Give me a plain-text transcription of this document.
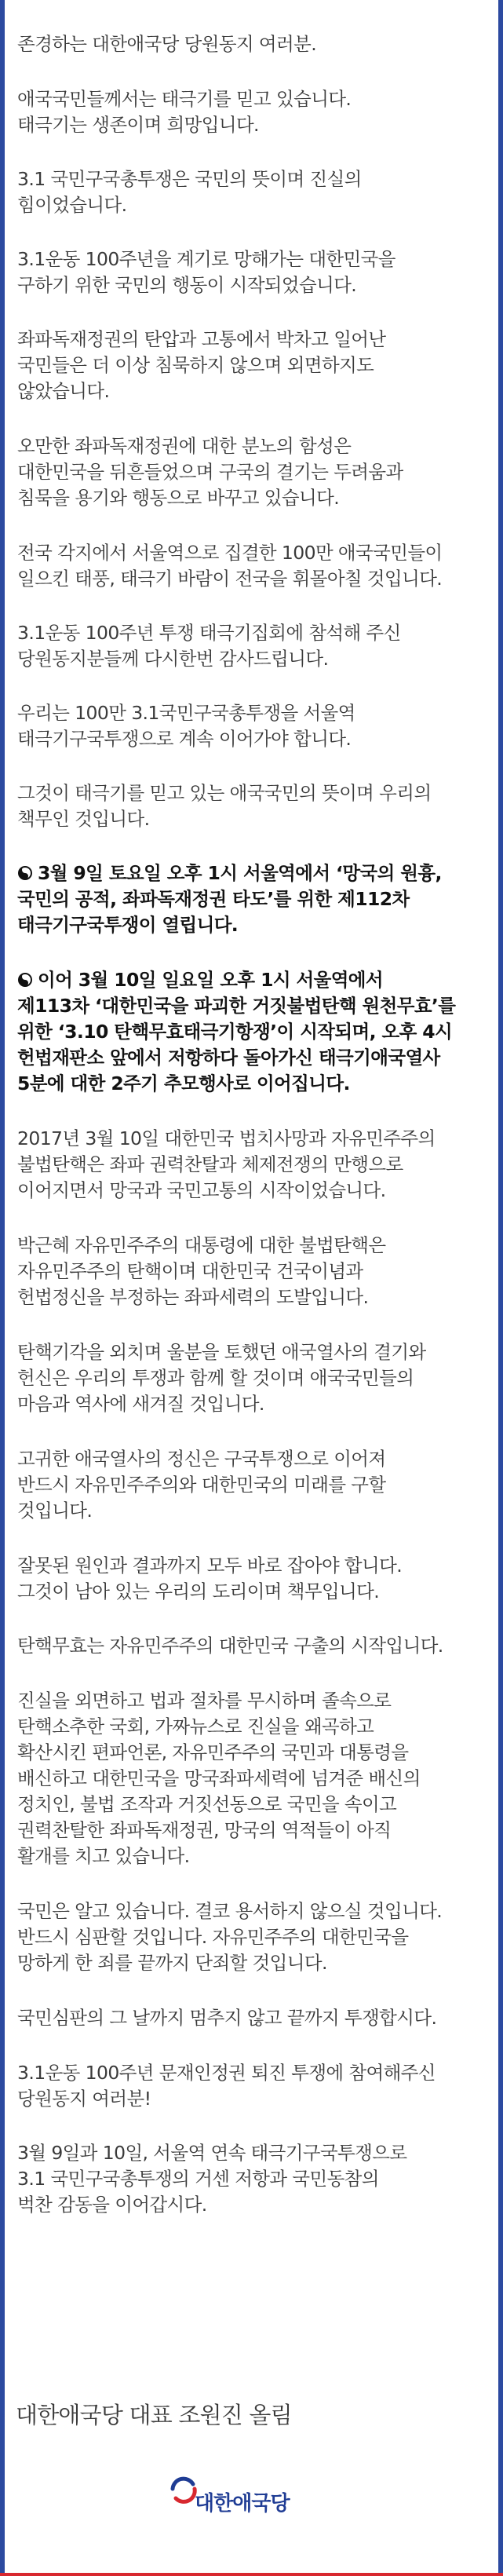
존경하는 대한애국당 당원동지 여러분.
애국국민들께서는 태극기를 믿고 있습니다.
태극기는 생존이며 희망입니다.
3.1 국민구국총투쟁은 국민의 뜻이며 진실의
힘이었습니다.
3.1운동 100주년을 계기로 망해가는 대한민국을
구하기 위한 국민의 행동이 시작되었습니다.
좌파독재정권의 탄압과 고통에서 박차고 일어난
국민들은 더 이상 침묵하지 않으며 외면하지도
않았습니다.
오만한 좌파독재정권에 대한 분노의 함성은
대한민국을 뒤흔들었으며 구국의 결기는 두려움과
침묵을 용기와 행동으로 바꾸고 있습니다.
전국 각지에서 서울역으로 집결한 100만 애국국민들이
일으킨 태풍, 태극기 바람이 전국을 휘몰아칠 것입니다.
3.1운동 100주년 투쟁 태극기집회에 참석해 주신
당원동지분들께 다시한번 감사드립니다.
우리는 100만 3.1국민구국총투쟁을 서울역
태극기구국투쟁으로 계속 이어가야 합니다.
그것이 태극기를 믿고 있는 애국국민의 뜻이며 우리의
책무인 것입니다.
3월 9일 토요일 오후 1시 서울역에서 ‘망국의 원흉,
국민의 공적, 좌파독재정권 타도’를 위한 제112차
태극기구국투쟁이 열립니다.
이어 3월 10일 일요일 오후 1시 서울역에서
제113차 ‘대한민국을 파괴한 거짓불법탄핵 원천무효’를
위한 ‘3.10 탄핵무효태극기항쟁’이 시작되며, 오후 4시
헌법재판소 앞에서 저항하다 돌아가신 태극기애국열사
5분에 대한 2주기 추모행사로 이어집니다.
2017년 3월 10일 대한민국 법치사망과 자유민주주의
불법탄핵은 좌파 권력찬탈과 체제전쟁의 만행으로
이어지면서 망국과 국민고통의 시작이었습니다.
박근혜 자유민주주의 대통령에 대한 불법탄핵은
자유민주주의 탄핵이며 대한민국 건국이념과
헌법정신을 부정하는 좌파세력의 도발입니다.
탄핵기각을 외치며 울분을 토했던 애국열사의 결기와
헌신은 우리의 투쟁과 함께 할 것이며 애국국민들의
마음과 역사에 새겨질 것입니다.
고귀한 애국열사의 정신은 구국투쟁으로 이어져
반드시 자유민주주의와 대한민국의 미래를 구할
것입니다.
잘못된 원인과 결과까지 모두 바로 잡아야 합니다.
그것이 남아 있는 우리의 도리이며 책무입니다.
탄핵무효는 자유민주주의 대한민국 구출의 시작입니다.
진실을 외면하고 법과 절차를 무시하며 졸속으로
탄핵소추한 국회, 가짜뉴스로 진실을 왜곡하고
확산시킨 편파언론, 자유민주주의 국민과 대통령을
배신하고 대한민국을 망국좌파세력에 넘겨준 배신의
정치인, 불법 조작과 거짓선동으로 국민을 속이고
권력찬탈한 좌파독재정권, 망국의 역적들이 아직
활개를 치고 있습니다.
국민은 알고 있습니다. 결코 용서하지 않으실 것입니다.
반드시 심판할 것입니다. 자유민주주의 대한민국을
망하게 한 죄를 끝까지 단죄할 것입니다.
국민심판의 그 날까지 멈추지 않고 끝까지 투쟁합시다.
3.1운동 100주년 문재인정권 퇴진 투쟁에 참여해주신
당원동지 여러분!
3월 9일과 10일, 서울역 연속 태극기구국투쟁으로
3.1 국민구국총투쟁의 거센 저항과 국민동참의
벅찬 감동을 이어갑시다.
대한애국당 대표 조원진 올림
대한애국당
